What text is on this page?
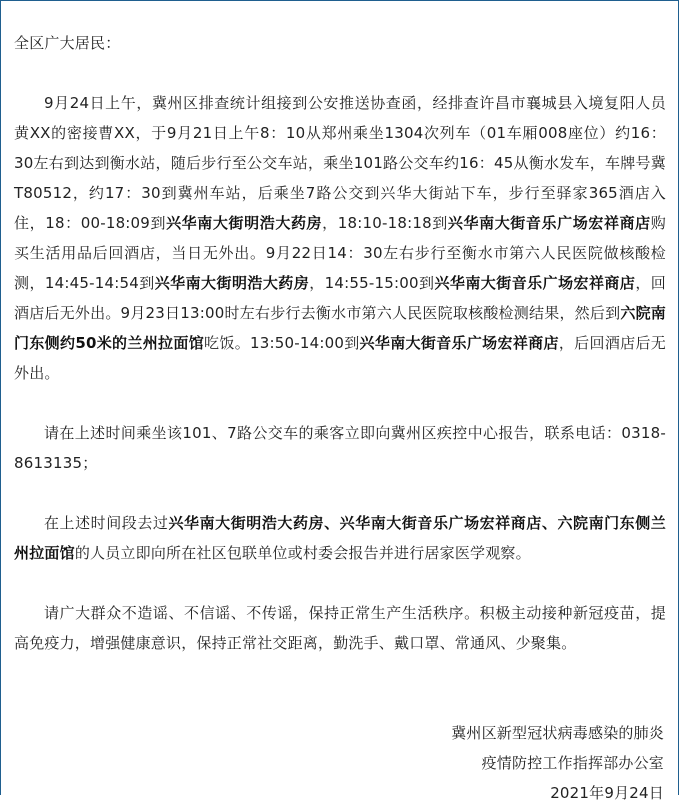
全区广大居民：

9月24日上午，冀州区排查统计组接到公安推送协查函，经排查许昌市襄城县入境复阳人员黄XX的密接曹XX，于9月21日上午8：10从郑州乘坐1304次列车（01车厢008座位）约16：30左右到达到衡水站，随后步行至公交车站，乘坐101路公交车约16：45从衡水发车，车牌号冀T80512，约17：30到冀州车站，后乘坐7路公交到兴华大街站下车，步行至驿家365酒店入住，18：00-18:09到兴华南大街明浩大药房，18:10-18:18到兴华南大街音乐广场宏祥商店购买生活用品后回酒店，当日无外出。9月22日14：30左右步行至衡水市第六人民医院做核酸检测，14:45-14:54到兴华南大街明浩大药房，14:55-15:00到兴华南大街音乐广场宏祥商店，回酒店后无外出。9月23日13:00时左右步行去衡水市第六人民医院取核酸检测结果，然后到六院南门东侧约50米的兰州拉面馆吃饭。13:50-14:00到兴华南大街音乐广场宏祥商店，后回酒店后无外出。

请在上述时间乘坐该101、7路公交车的乘客立即向冀州区疾控中心报告，联系电话：0318-8613135；

在上述时间段去过兴华南大街明浩大药房、兴华南大街音乐广场宏祥商店、六院南门东侧兰州拉面馆的人员立即向所在社区包联单位或村委会报告并进行居家医学观察。

请广大群众不造谣、不信谣、不传谣，保持正常生产生活秩序。积极主动接种新冠疫苗，提高免疫力，增强健康意识，保持正常社交距离，勤洗手、戴口罩、常通风、少聚集。

冀州区新型冠状病毒感染的肺炎

疫情防控工作指挥部办公室

2021年9月24日
